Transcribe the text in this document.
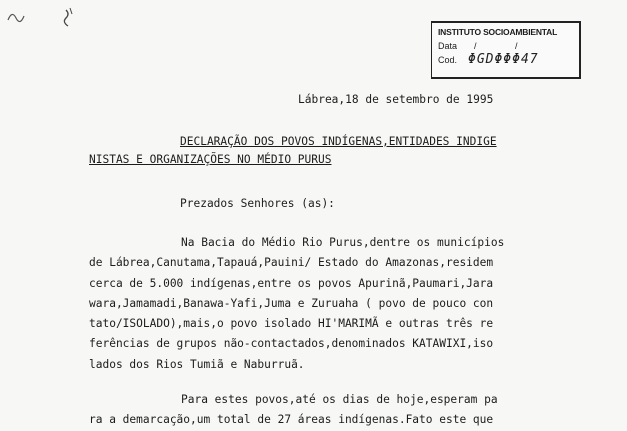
INSTITUTO SOCIOAMBIENTAL
Data	/ /
Cod. ΦGDΦΦΦ47
Lábrea,18 de setembro de 1995
DECLARAÇÃO DOS POVOS INDÍGENAS,ENTIDADES INDIGE
NISTAS E ORGANIZAÇÕES NO MÉDIO PURUS
Prezados Senhores (as):
Na Bacia do Médio Rio Purus,dentre os municípios
de Lábrea,Canutama,Tapauá,Pauini/ Estado do Amazonas,residem
cerca de 5.000 indígenas,entre os povos Apurinã,Paumari,Jara
wara,Jamamadi,Banawa-Yafi,Juma e Zuruaha ( povo de pouco con
tato/ISOLADO),mais,o povo isolado HI'MARIMÃ e outras três re
ferências de grupos não-contactados,denominados KATAWIXI,iso
lados dos Rios Tumiã e Naburruã.
Para estes povos,até os dias de hoje,esperam pa
ra a demarcação,um total de 27 áreas indígenas.Fato este que
